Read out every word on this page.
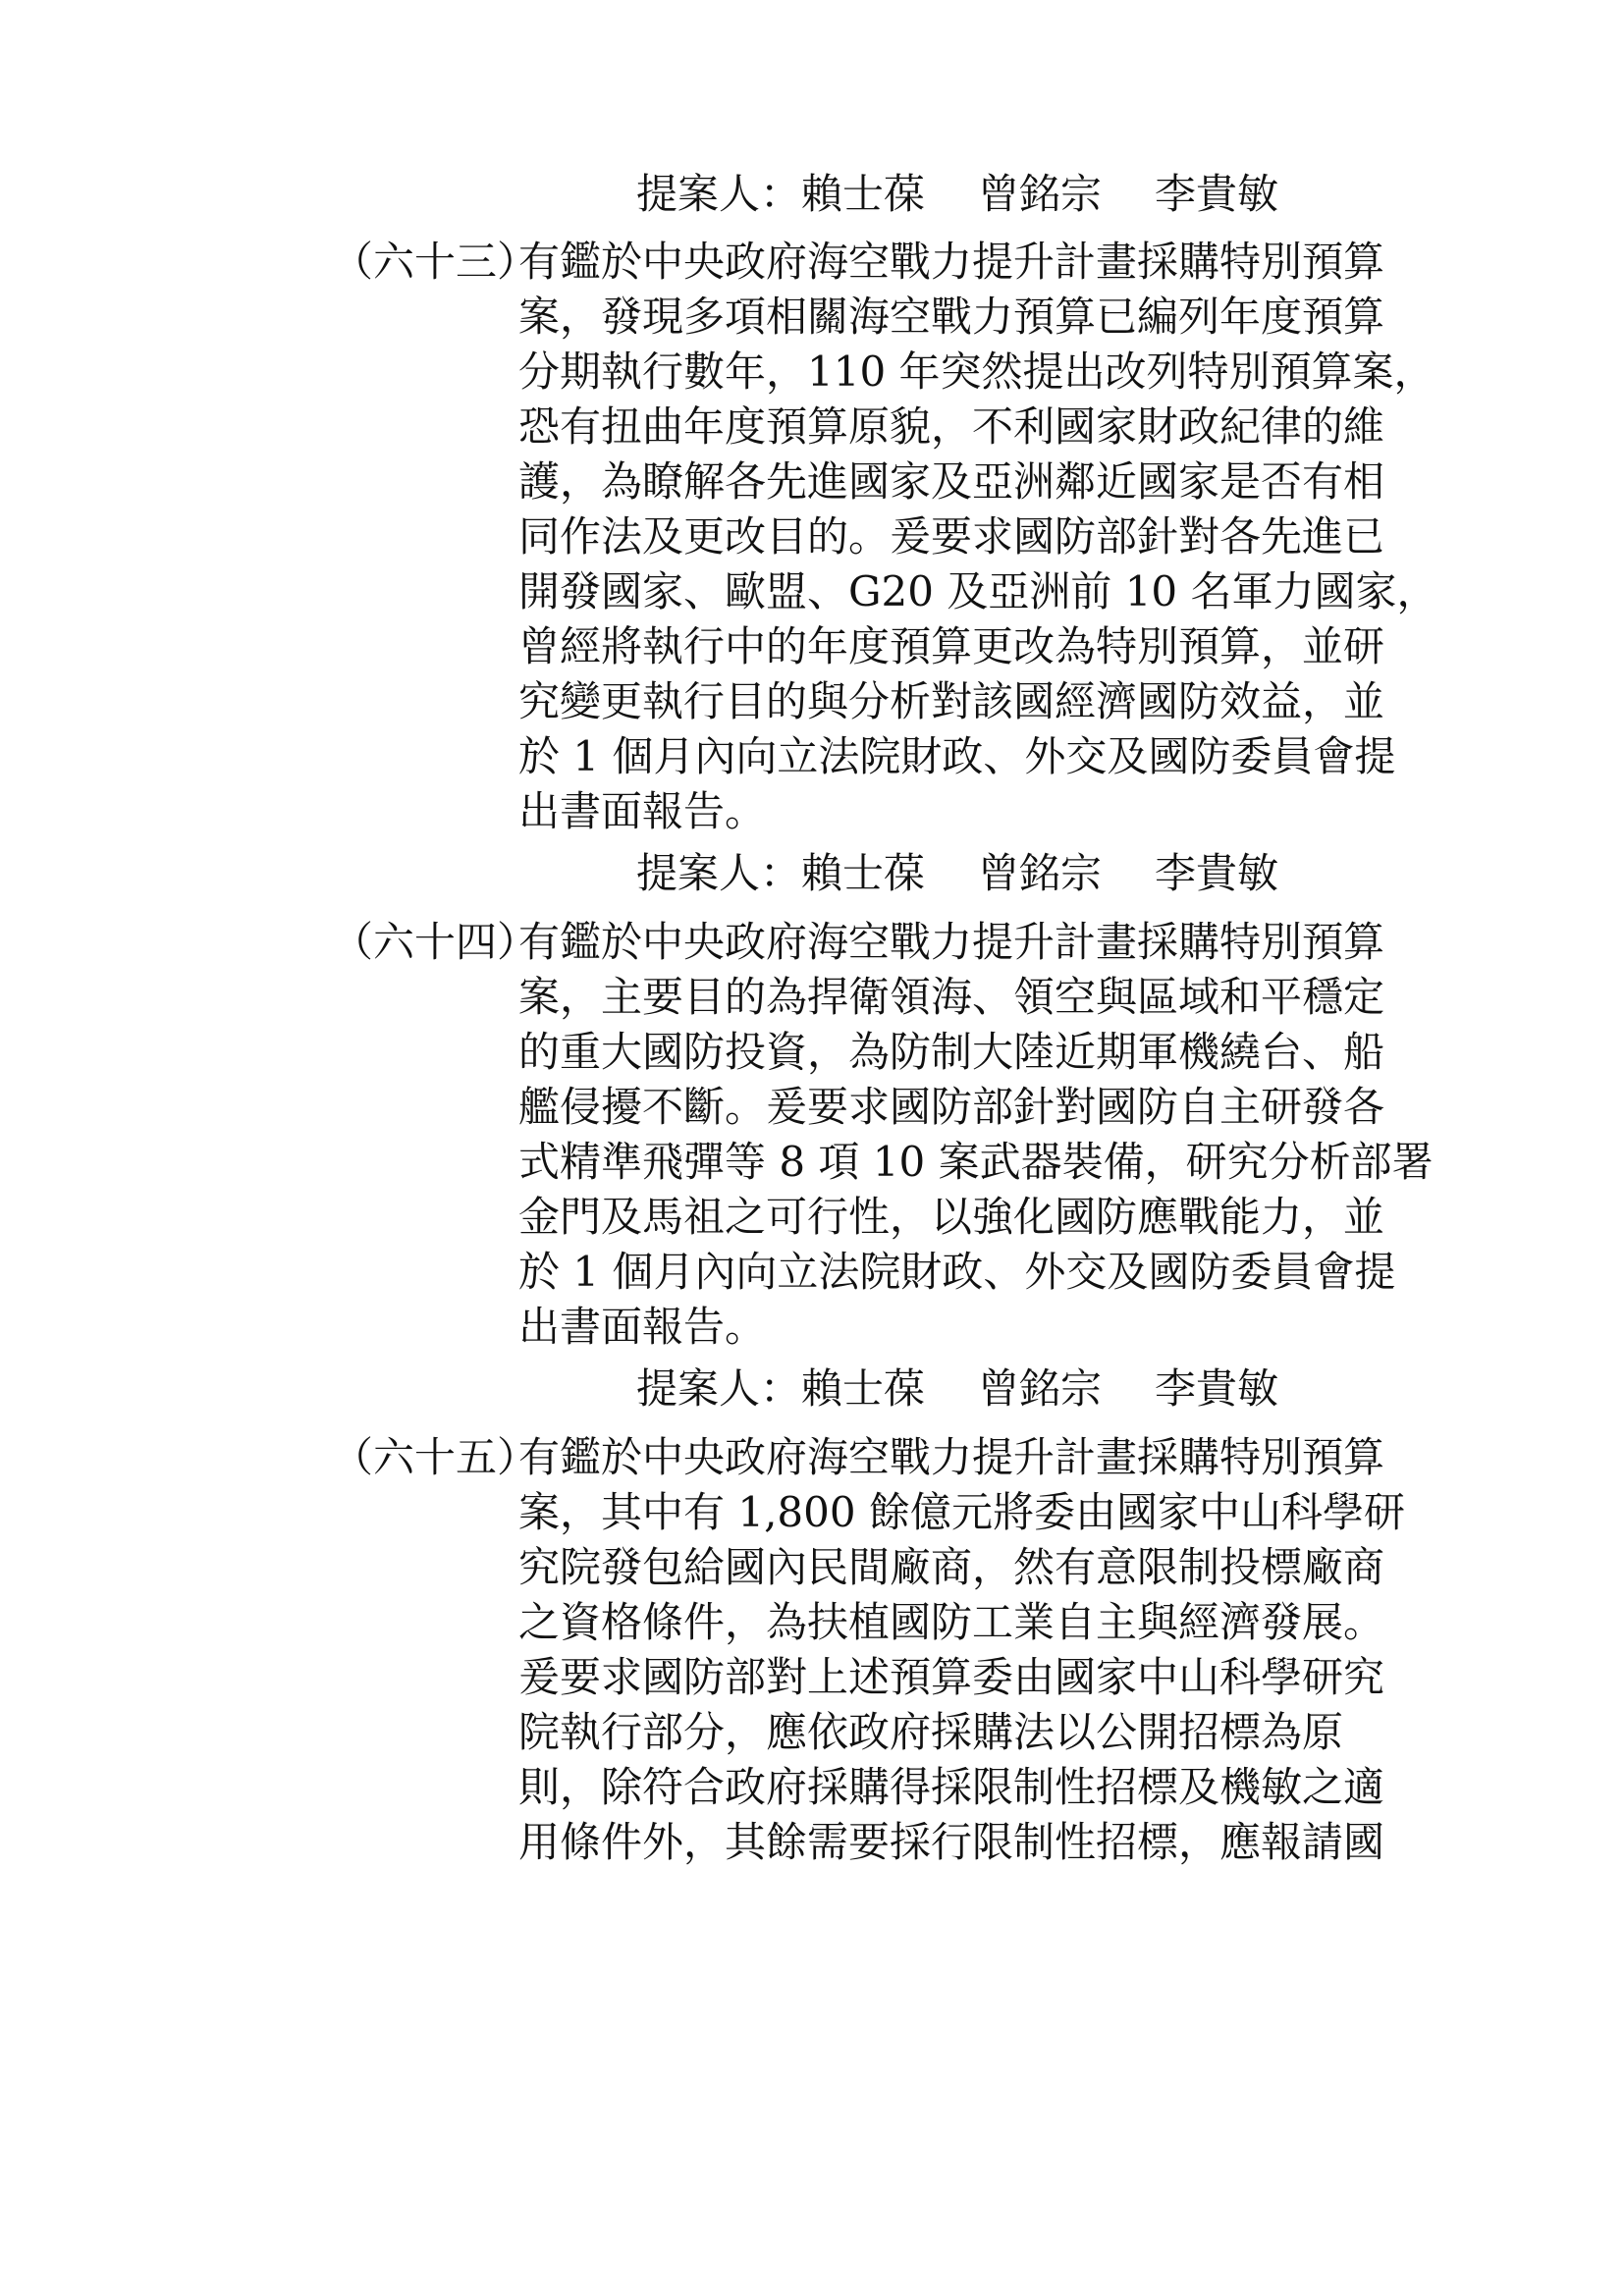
提案人：賴士葆 曾銘宗 李貴敏
（六十三）
有鑑於中央政府海空戰力提升計畫採購特別預算
案，發現多項相關海空戰力預算已編列年度預算
分期執行數年，110 年突然提出改列特別預算案，
恐有扭曲年度預算原貌，不利國家財政紀律的維
護，為瞭解各先進國家及亞洲鄰近國家是否有相
同作法及更改目的。爰要求國防部針對各先進已
開發國家、歐盟、G20 及亞洲前 10 名軍力國家，
曾經將執行中的年度預算更改為特別預算，並研
究變更執行目的與分析對該國經濟國防效益，並
於 1 個月內向立法院財政、外交及國防委員會提
出書面報告。
提案人：賴士葆 曾銘宗 李貴敏
（六十四）
有鑑於中央政府海空戰力提升計畫採購特別預算
案，主要目的為捍衛領海、領空與區域和平穩定
的重大國防投資，為防制大陸近期軍機繞台、船
艦侵擾不斷。爰要求國防部針對國防自主研發各
式精準飛彈等 8 項 10 案武器裝備，研究分析部署
金門及馬祖之可行性，以強化國防應戰能力，並
於 1 個月內向立法院財政、外交及國防委員會提
出書面報告。
提案人：賴士葆 曾銘宗 李貴敏
（六十五）
有鑑於中央政府海空戰力提升計畫採購特別預算
案，其中有 1,800 餘億元將委由國家中山科學研
究院發包給國內民間廠商，然有意限制投標廠商
之資格條件，為扶植國防工業自主與經濟發展。
爰要求國防部對上述預算委由國家中山科學研究
院執行部分，應依政府採購法以公開招標為原
則，除符合政府採購得採限制性招標及機敏之適
用條件外，其餘需要採行限制性招標，應報請國
